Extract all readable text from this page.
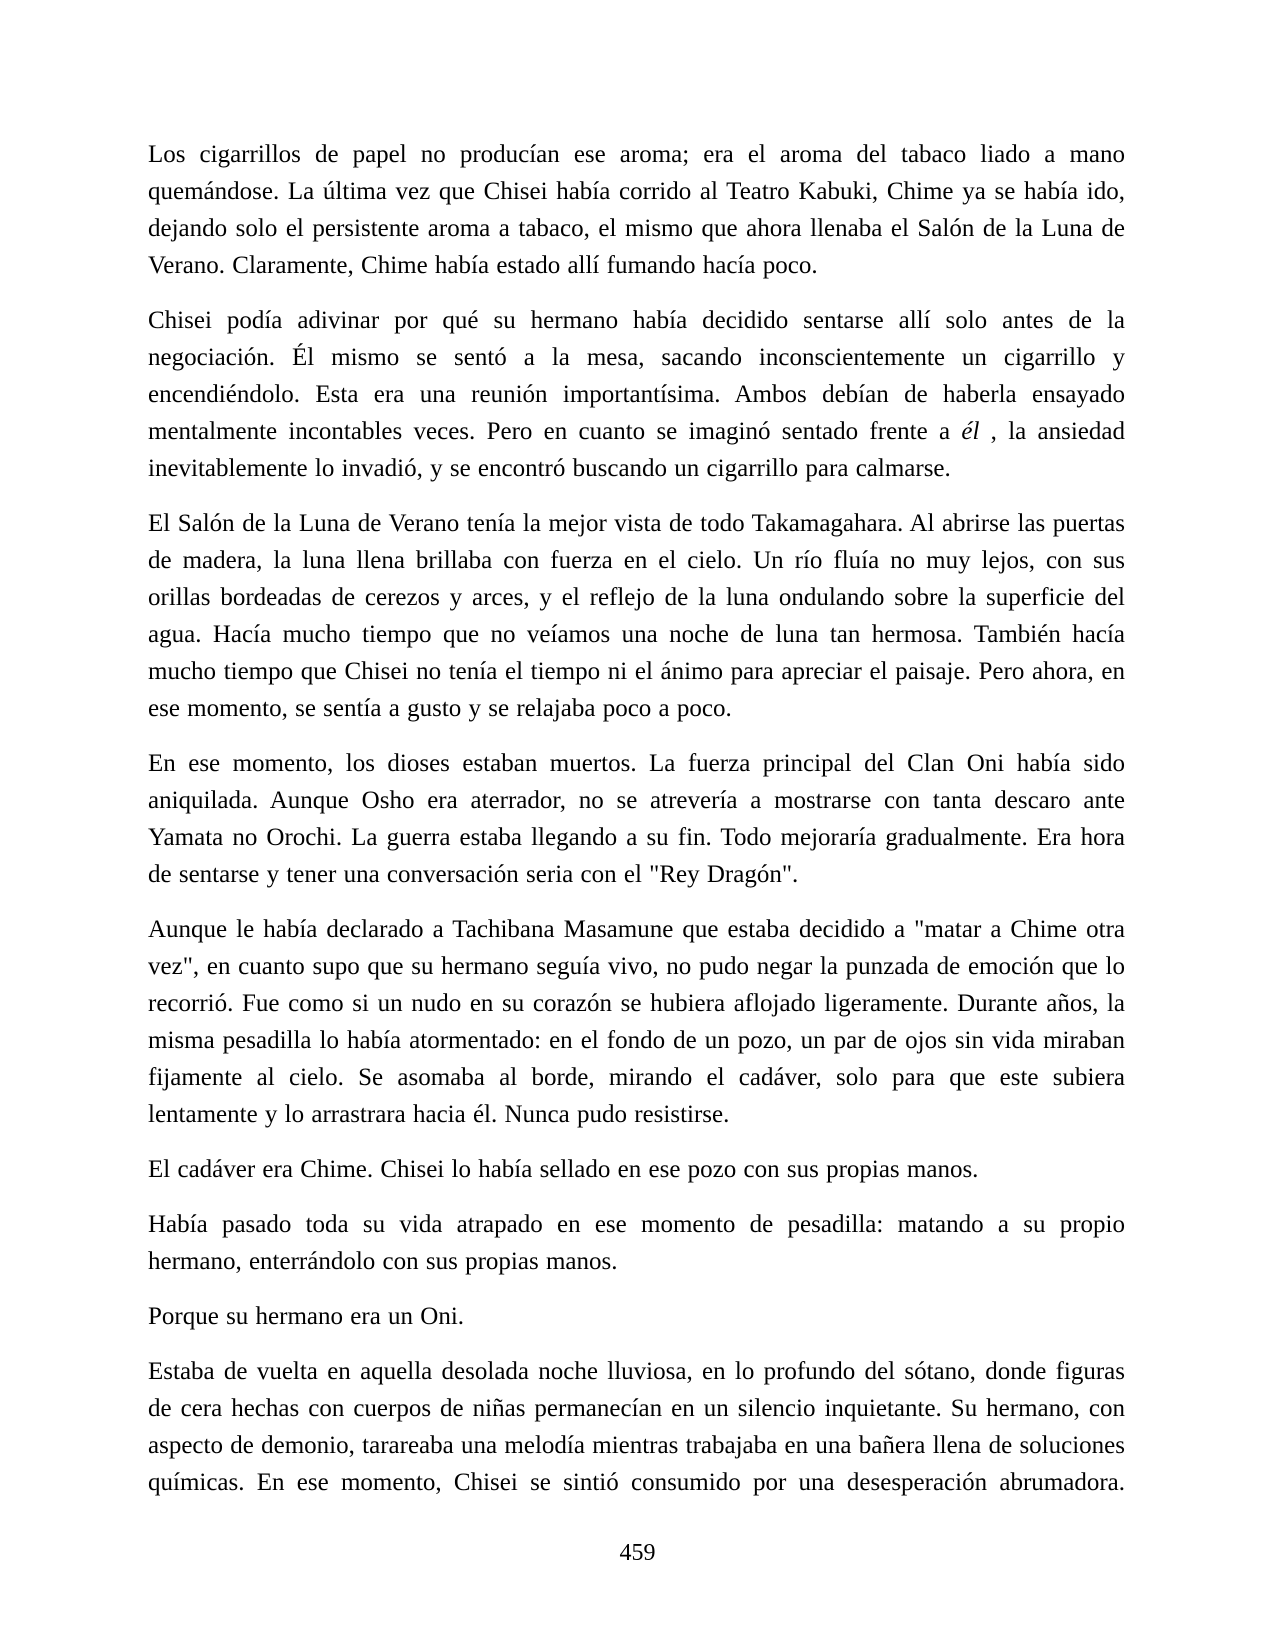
Los cigarrillos de papel no producían ese aroma; era el aroma del tabaco liado a mano quemándose. La última vez que Chisei había corrido al Teatro Kabuki, Chime ya se había ido, dejando solo el persistente aroma a tabaco, el mismo que ahora llenaba el Salón de la Luna de Verano. Claramente, Chime había estado allí fumando hacía poco.

Chisei podía adivinar por qué su hermano había decidido sentarse allí solo antes de la negociación. Él mismo se sentó a la mesa, sacando inconscientemente un cigarrillo y encendiéndolo. Esta era una reunión importantísima. Ambos debían de haberla ensayado mentalmente incontables veces. Pero en cuanto se imaginó sentado frente a él , la ansiedad inevitablemente lo invadió, y se encontró buscando un cigarrillo para calmarse.

El Salón de la Luna de Verano tenía la mejor vista de todo Takamagahara. Al abrirse las puertas de madera, la luna llena brillaba con fuerza en el cielo. Un río fluía no muy lejos, con sus orillas bordeadas de cerezos y arces, y el reflejo de la luna ondulando sobre la superficie del agua. Hacía mucho tiempo que no veíamos una noche de luna tan hermosa. También hacía mucho tiempo que Chisei no tenía el tiempo ni el ánimo para apreciar el paisaje. Pero ahora, en ese momento, se sentía a gusto y se relajaba poco a poco.

En ese momento, los dioses estaban muertos. La fuerza principal del Clan Oni había sido aniquilada. Aunque Osho era aterrador, no se atrevería a mostrarse con tanta descaro ante Yamata no Orochi. La guerra estaba llegando a su fin. Todo mejoraría gradualmente. Era hora de sentarse y tener una conversación seria con el "Rey Dragón".

Aunque le había declarado a Tachibana Masamune que estaba decidido a "matar a Chime otra vez", en cuanto supo que su hermano seguía vivo, no pudo negar la punzada de emoción que lo recorrió. Fue como si un nudo en su corazón se hubiera aflojado ligeramente. Durante años, la misma pesadilla lo había atormentado: en el fondo de un pozo, un par de ojos sin vida miraban fijamente al cielo. Se asomaba al borde, mirando el cadáver, solo para que este subiera lentamente y lo arrastrara hacia él. Nunca pudo resistirse.

El cadáver era Chime. Chisei lo había sellado en ese pozo con sus propias manos.

Había pasado toda su vida atrapado en ese momento de pesadilla: matando a su propio hermano, enterrándolo con sus propias manos.

Porque su hermano era un Oni.

Estaba de vuelta en aquella desolada noche lluviosa, en lo profundo del sótano, donde figuras de cera hechas con cuerpos de niñas permanecían en un silencio inquietante. Su hermano, con aspecto de demonio, tarareaba una melodía mientras trabajaba en una bañera llena de soluciones químicas. En ese momento, Chisei se sintió consumido por una desesperación abrumadora.

459
